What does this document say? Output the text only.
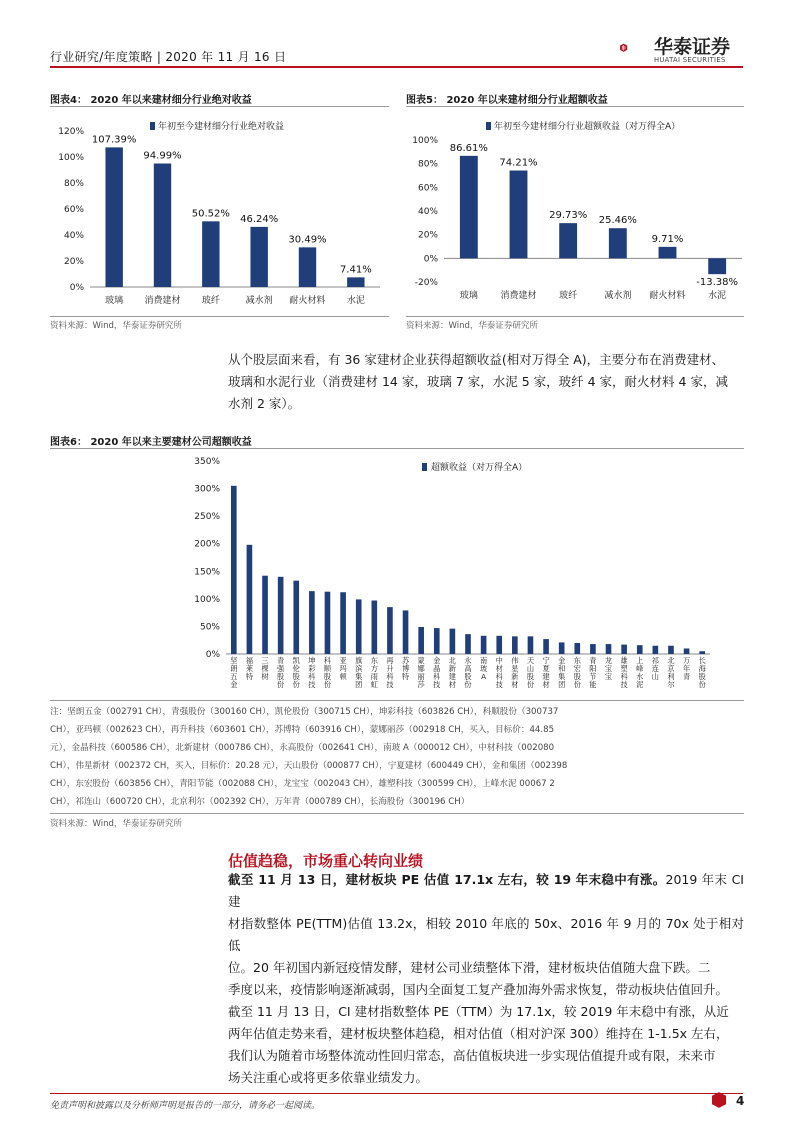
行业研究/年度策略 | 2020 年 11 月 16 日	华泰证券
HUATAI SECURITIES
图表4： 2020 年以来建材细分行业绝对收益
0%
20%
40%
60%
80%
100%
120%	年初至今建材细分行业绝对收益
107.39%
玻璃
94.99%
消费建材
50.52%
玻纤
46.24%
减水剂
30.49%
耐火材料
7.41%
水泥
资料来源：Wind，华泰证券研究所
图表5： 2020 年以来建材细分行业超额收益
-20%
0%
20%
40%
60%
80%
100%
年初至今建材细分行业超额收益（对万得全A）
86.61%
玻璃
74.21%
消费建材
29.73%
玻纤
25.46%
减水剂
9.71%
耐火材料
-13.38%
水泥
资料来源：Wind，华泰证券研究所
从个股层面来看，有 36 家建材企业获得超额收益(相对万得全 A)，主要分布在消费建材、
玻璃和水泥行业（消费建材 14 家，玻璃 7 家，水泥 5 家，玻纤 4 家，耐火材料 4 家，减
水剂 2 家）。
图表6： 2020 年以来主要建材公司超额收益
0%
50%
100%
150%
200%
250%
300%
350%
超额收益（对万得全A）
坚朗五金
福莱特
三棵树
青强股份
凯伦股份
坤彩科技
科顺股份
亚玛顿
旗滨集团
东方雨虹
再升科技
苏博特
蒙娜丽莎
金晶科技
北新建材
永高股份
南玻 A
中材科技
伟星新材
天山股份
宁夏建材
金和集团
东宏股份
青阳节能
龙宝宝
雄塑科技
上峰水泥
祁连山
北京利尔
万年青
长海股份
注：坚朗五金（002791 CH），青强股份（300160 CH），凯伦股份（300715 CH），坤彩科技（603826 CH），科顺股份（300737
CH），亚玛顿（002623 CH），再升科技（603601 CH），苏博特（603916 CH），蒙娜丽莎（002918 CH，买入，目标价：44.85
元），金晶科技（600586 CH），北新建材（000786 CH），永高股份（002641 CH），南玻 A（000012 CH），中材科技（002080
CH），伟星新材（002372 CH，买入，目标价：20.28 元），天山股份（000877 CH），宁夏建材（600449 CH），金和集团（002398
CH），东宏股份（603856 CH），青阳节能（002088 CH），龙宝宝（002043 CH），雄塑科技（300599 CH），上峰水泥 00067 2
CH），祁连山（600720 CH），北京利尔（002392 CH），万年青（000789 CH），长海股份（300196 CH）
资料来源：Wind，华泰证券研究所
估值趋稳，市场重心转向业绩
截至 11 月 13 日，建材板块 PE 估值 17.1x 左右，较 19 年末稳中有涨。2019 年末 CI 建
材指数整体 PE(TTM)估值 13.2x，相较 2010 年底的 50x、2016 年 9 月的 70x 处于相对低
位。20 年初国内新冠疫情发酵，建材公司业绩整体下滑，建材板块估值随大盘下跌。二
季度以来，疫情影响逐渐减弱，国内全面复工复产叠加海外需求恢复，带动板块估值回升。
截至 11 月 13 日，CI 建材指数整体 PE（TTM）为 17.1x，较 2019 年末稳中有涨，从近
两年估值走势来看，建材板块整体趋稳，相对估值（相对沪深 300）维持在 1-1.5x 左右，
我们认为随着市场整体流动性回归常态，高估值板块进一步实现估值提升或有限，未来市
场关注重心或将更多依靠业绩发力。
免责声明和披露以及分析师声明是报告的一部分，请务必一起阅读。	4
